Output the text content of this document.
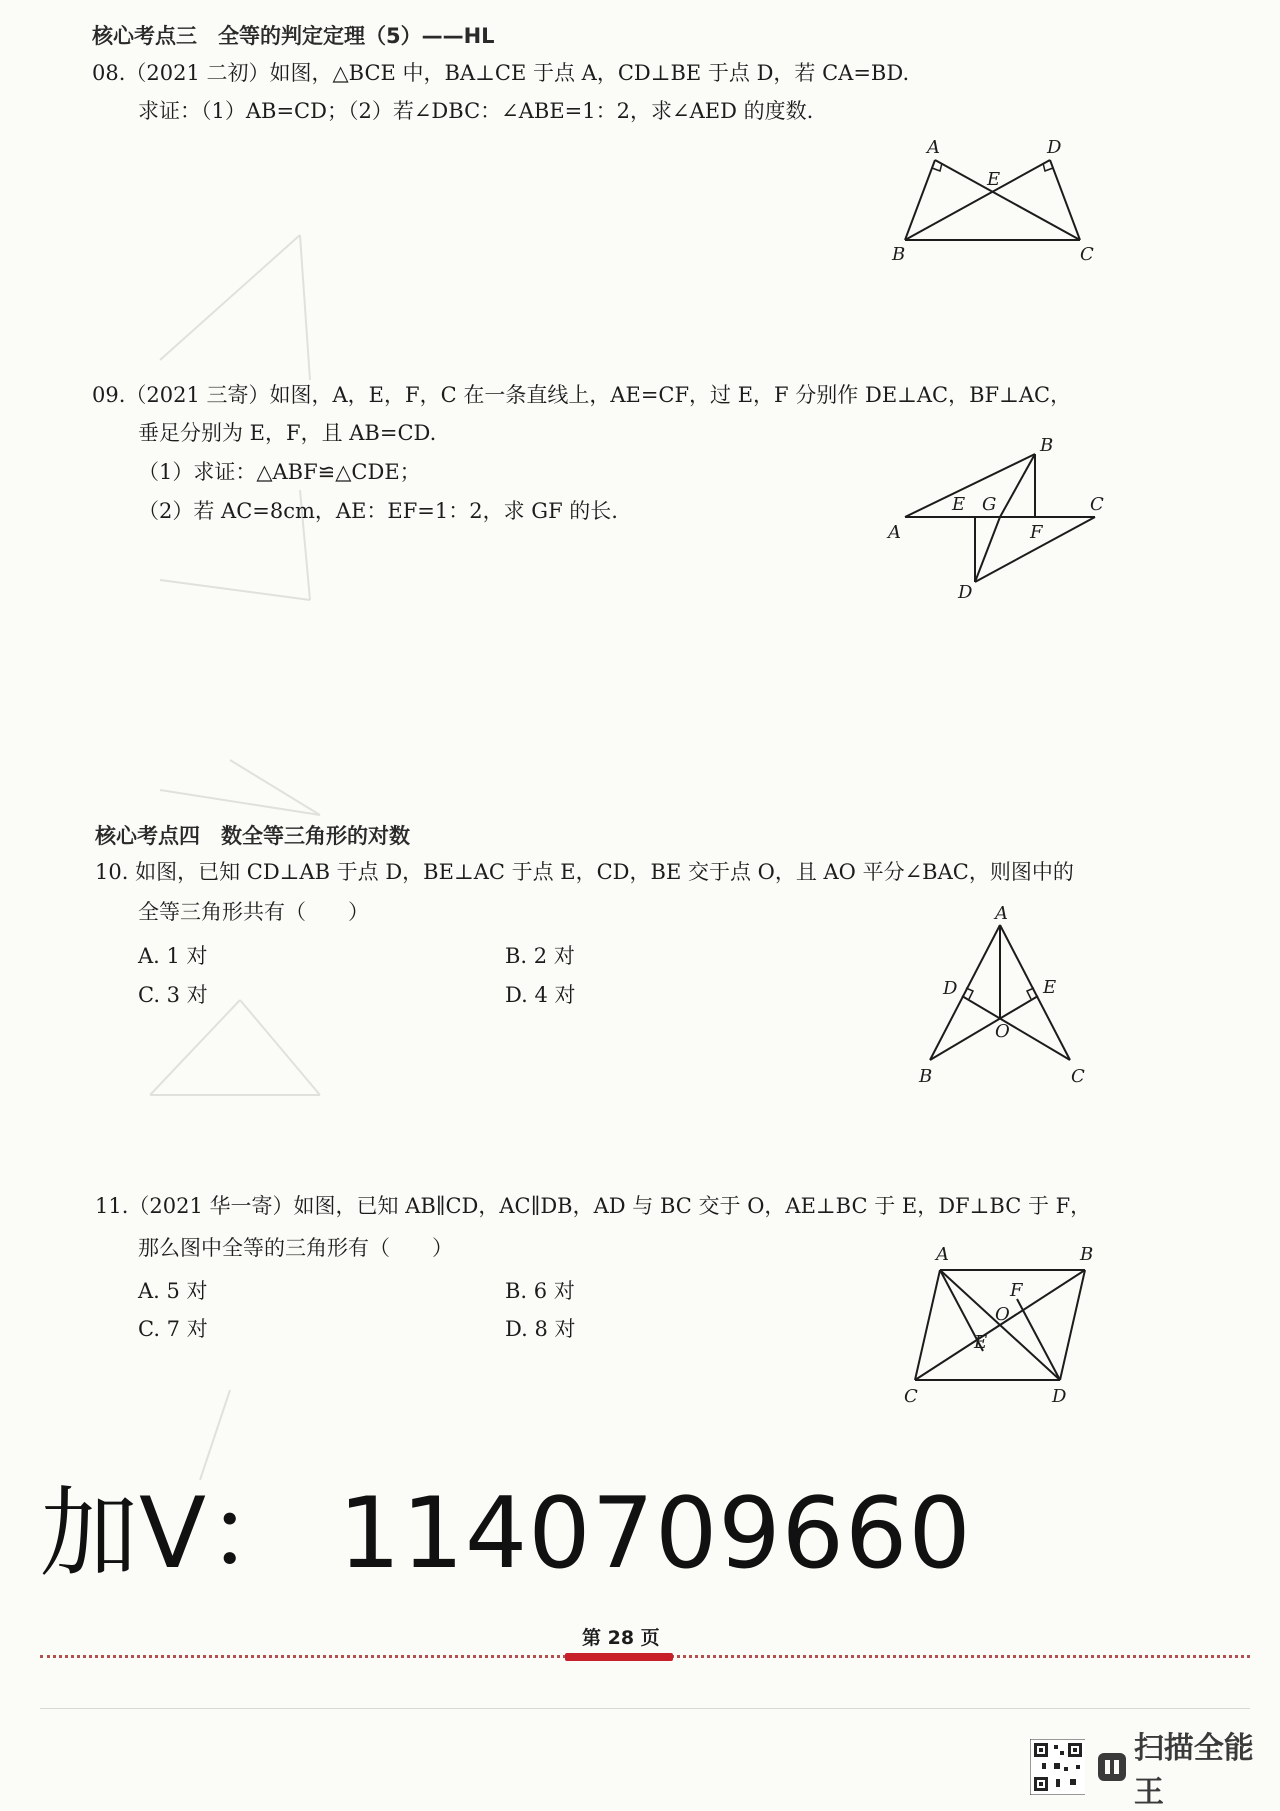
核心考点三　全等的判定定理（5）——HL
08.（2021 二初）如图，△BCE 中，BA⊥CE 于点 A，CD⊥BE 于点 D，若 CA=BD.
求证：（1）AB=CD；（2）若∠DBC：∠ABE=1：2，求∠AED 的度数.
A	D
E
B	C
09.（2021 三寄）如图，A，E，F，C 在一条直线上，AE=CF，过 E，F 分别作 DE⊥AC，BF⊥AC，
垂足分别为 E，F，且 AB=CD.
（1）求证：△ABF≌△CDE；
（2）若 AC=8cm，AE：EF=1：2，求 GF 的长.
A
B
E G	C
F
D
核心考点四　数全等三角形的对数
10. 如图，已知 CD⊥AB 于点 D，BE⊥AC 于点 E，CD，BE 交于点 O，且 AO 平分∠BAC，则图中的
全等三角形共有（　　）
A. 1 对	B. 2 对
C. 3 对	D. 4 对
A
D	E
O
B	C
11.（2021 华一寄）如图，已知 AB∥CD，AC∥DB，AD 与 BC 交于 O，AE⊥BC 于 E，DF⊥BC 于 F，
那么图中全等的三角形有（　　）
A. 5 对	B. 6 对
C. 7 对	D. 8 对
A	B
F
O
E
C	D
加V： 1140709660
第 28 页
扫描全能王
